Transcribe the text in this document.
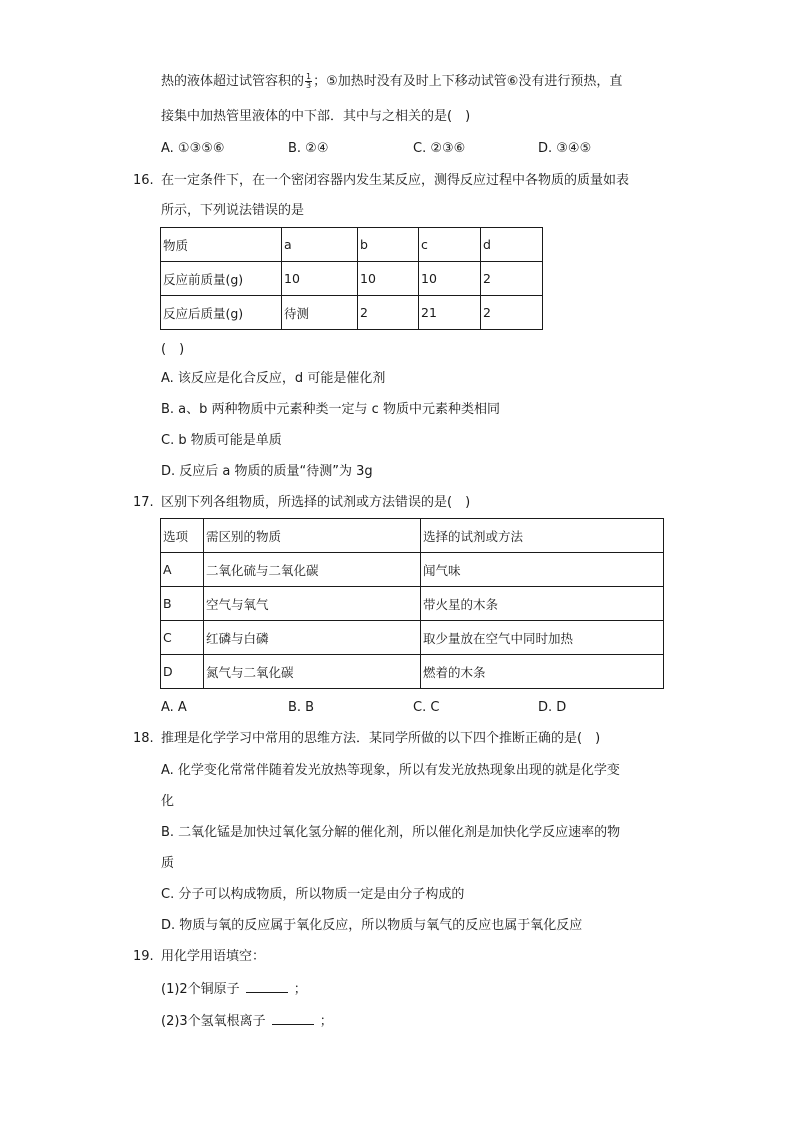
热的液体超过试管容积的 $\frac{1}{3}$ ；⑤加热时没有及时上下移动试管⑥没有进行预热，直
接集中加热管里液体的中下部．其中与之相关的是(　)
A. ①③⑤⑥	B. ②④	C. ②③⑥	D. ③④⑤
16. 在一定条件下，在一个密闭容器内发生某反应，测得反应过程中各物质的质量如表
所示，下列说法错误的是
物质	a	b	c	d
反应前质量(g)	10	10	10	2
反应后质量(g)	待测	2	21	2
(　)
A. 该反应是化合反应，d 可能是催化剂
B. a、b 两种物质中元素种类一定与 c 物质中元素种类相同
C. b 物质可能是单质
D. 反应后 a 物质的质量“待测”为 3g
17. 区别下列各组物质，所选择的试剂或方法错误的是(　)
选项	需区别的物质	选择的试剂或方法
A	二氧化硫与二氧化碳	闻气味
B	空气与氧气	带火星的木条
C	红磷与白磷	取少量放在空气中同时加热
D	氮气与二氧化碳	燃着的木条
A. A	B. B	C. C	D. D
18. 推理是化学学习中常用的思维方法．某同学所做的以下四个推断正确的是(　)
A. 化学变化常常伴随着发光放热等现象，所以有发光放热现象出现的就是化学变
化
B. 二氧化锰是加快过氧化氢分解的催化剂，所以催化剂是加快化学反应速率的物
质
C. 分子可以构成物质，所以物质一定是由分子构成的
D. 物质与氧的反应属于氧化反应，所以物质与氧气的反应也属于氧化反应
19. 用化学用语填空：
(1)2个铜原子	；
(2)3个氢氧根离子	；
